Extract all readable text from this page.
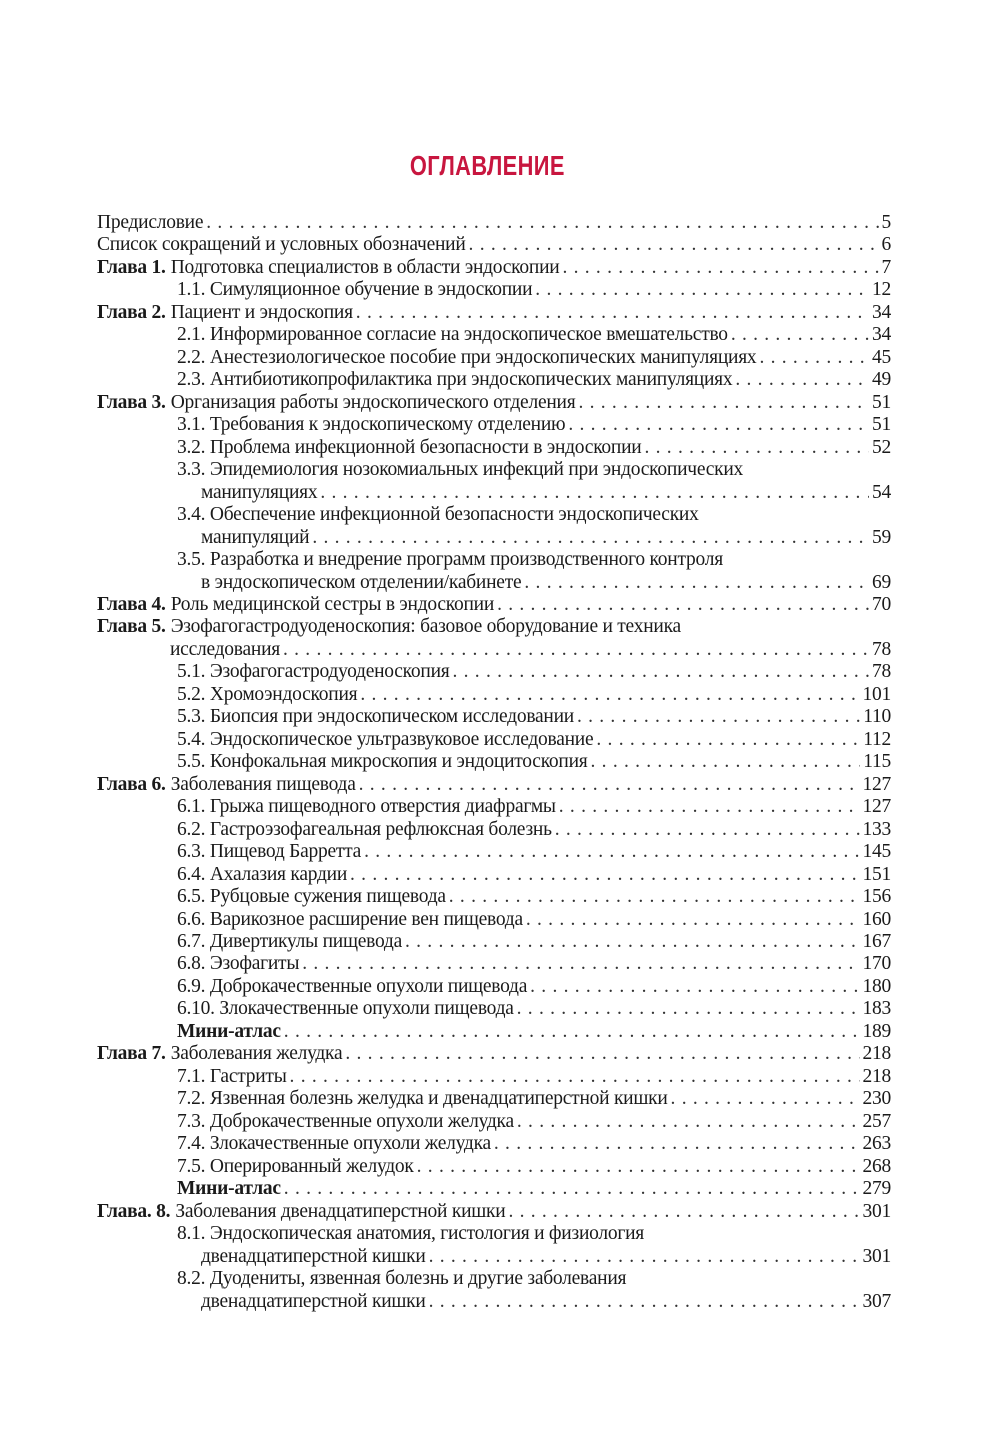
ОГЛАВЛЕНИЕ
Предисловие . . .	5
Список сокращений и условных обозначений . . .	6
Глава 1. Подготовка специалистов в области эндоскопии . . .	7
1.1. Симуляционное обучение в эндоскопии . . .	12
Глава 2. Пациент и эндоскопия . . .	34
2.1. Информированное согласие на эндоскопическое вмешательство . . .	34
2.2. Анестезиологическое пособие при эндоскопических манипуляциях . . .	45
2.3. Антибиотикопрофилактика при эндоскопических манипуляциях . . .	49
Глава 3. Организация работы эндоскопического отделения . . .	51
3.1. Требования к эндоскопическому отделению . . .	51
3.2. Проблема инфекционной безопасности в эндоскопии . . .	52
3.3. Эпидемиология нозокомиальных инфекций при эндоскопических
манипуляциях . . .	54
3.4. Обеспечение инфекционной безопасности эндоскопических
манипуляций . . .	59
3.5. Разработка и внедрение программ производственного контроля
в эндоскопическом отделении/кабинете . . .	69
Глава 4. Роль медицинской сестры в эндоскопии . . .	70
Глава 5. Эзофагогастродуоденоскопия: базовое оборудование и техника
исследования . . .	78
5.1. Эзофагогастродуоденоскопия . . .	78
5.2. Хромоэндоскопия . . .	101
5.3. Биопсия при эндоскопическом исследовании . . .	110
5.4. Эндоскопическое ультразвуковое исследование . . .	112
5.5. Конфокальная микроскопия и эндоцитоскопия . . .	115
Глава 6. Заболевания пищевода . . .	127
6.1. Грыжа пищеводного отверстия диафрагмы . . .	127
6.2. Гастроэзофагеальная рефлюксная болезнь . . .	133
6.3. Пищевод Барретта . . .	145
6.4. Ахалазия кардии . . .	151
6.5. Рубцовые сужения пищевода . . .	156
6.6. Варикозное расширение вен пищевода . . .	160
6.7. Дивертикулы пищевода . . .	167
6.8. Эзофагиты . . .	170
6.9. Доброкачественные опухоли пищевода . . .	180
6.10. Злокачественные опухоли пищевода . . .	183
Мини-атлас . . .	189
Глава 7. Заболевания желудка . . .	218
7.1. Гастриты . . .	218
7.2. Язвенная болезнь желудка и двенадцатиперстной кишки . . .	230
7.3. Доброкачественные опухоли желудка . . .	257
7.4. Злокачественные опухоли желудка . . .	263
7.5. Оперированный желудок . . .	268
Мини-атлас . . .	279
Глава. 8. Заболевания двенадцатиперстной кишки . . .	301
8.1. Эндоскопическая анатомия, гистология и физиология
двенадцатиперстной кишки . . .	301
8.2. Дуодениты, язвенная болезнь и другие заболевания
двенадцатиперстной кишки . . .	307
